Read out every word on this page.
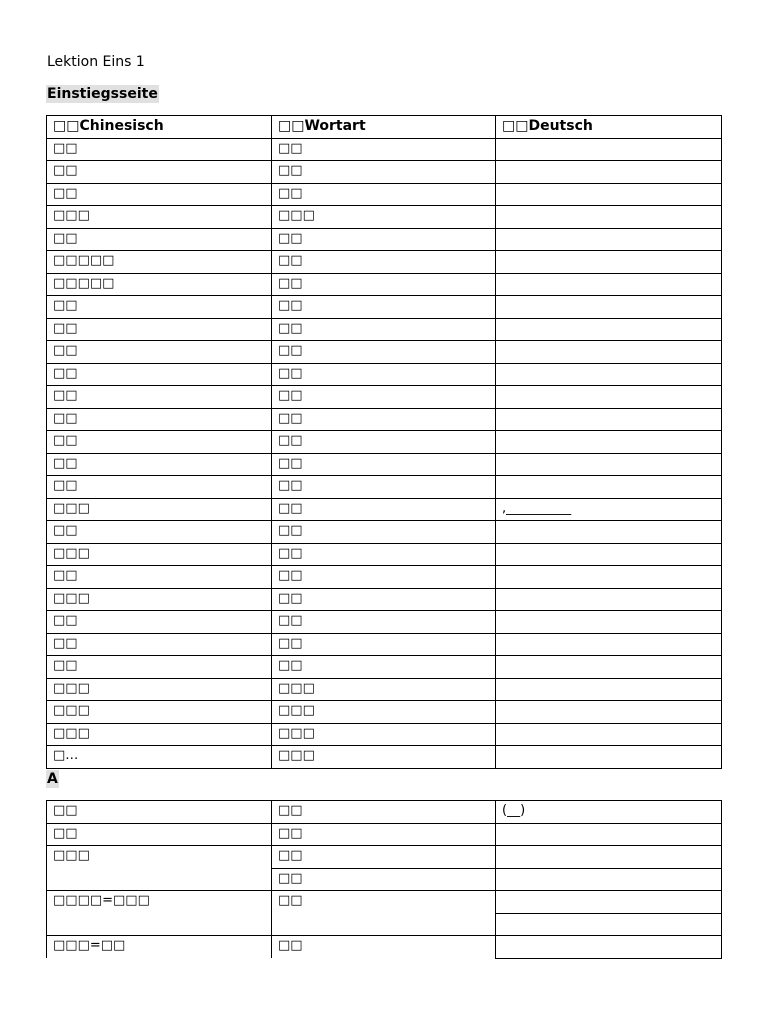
Lektion Eins 1
Einstiegsseite
□□Chinesisch	□□Wortart	□□Deutsch
□□	□□	
□□	□□	
□□	□□	
□□□	□□□	
□□	□□	
□□□□□	□□	
□□□□□	□□	
□□	□□	
□□	□□	
□□	□□	
□□	□□	
□□	□□	
□□	□□	
□□	□□	
□□	□□	
□□	□□	
□□□	□□	,__________
□□	□□	
□□□	□□	
□□	□□	
□□□	□□	
□□	□□	
□□	□□	
□□	□□	
□□□	□□□	
□□□	□□□	
□□□	□□□	
□…	□□□	
A
□□	□□	(__)
□□	□□	
□□□	□□	
	□□	
□□□□=□□□	□□	

□□□=□□	□□	
